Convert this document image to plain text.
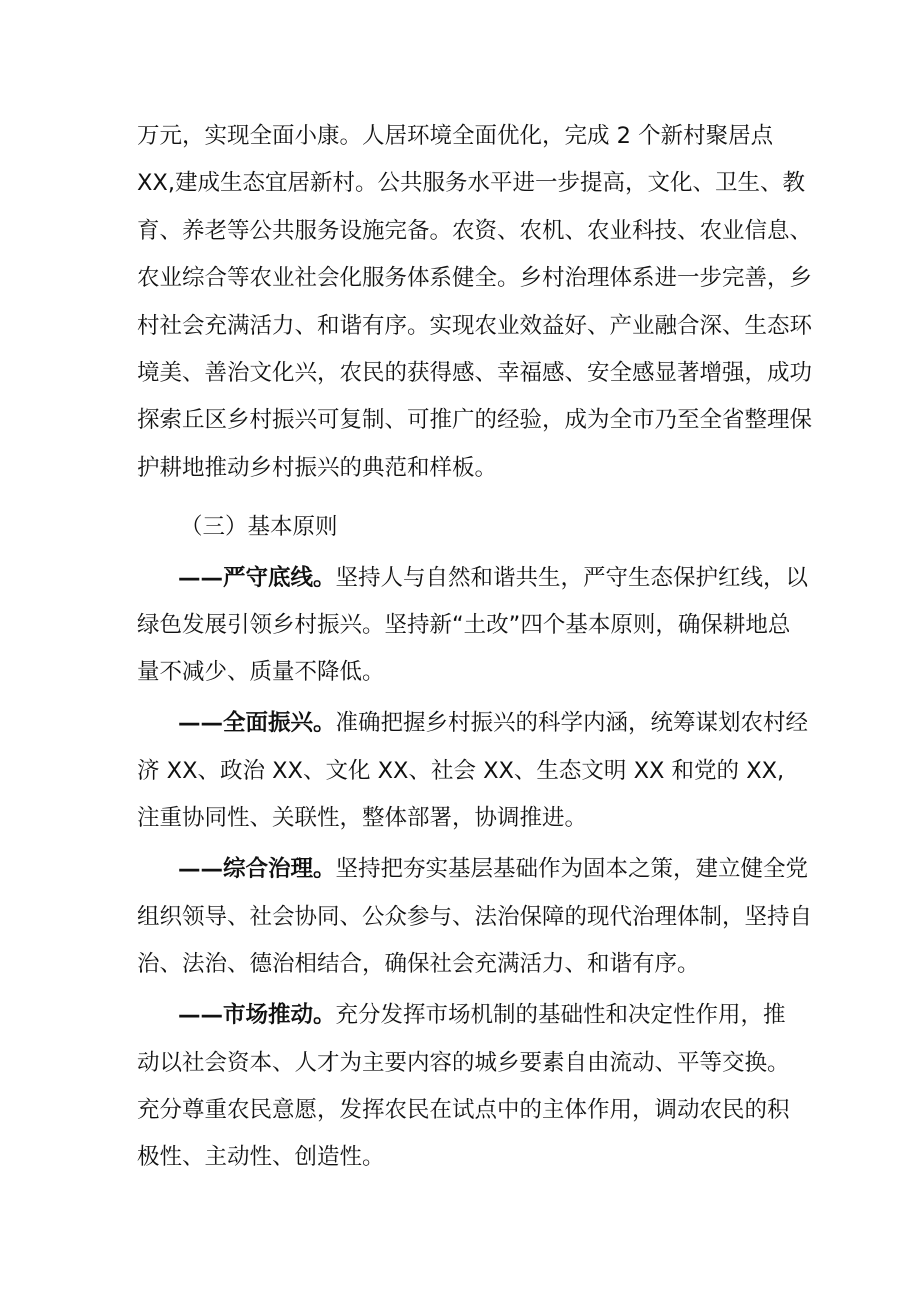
万元，实现全面小康。人居环境全面优化，完成 2 个新村聚居点
XX,建成生态宜居新村。公共服务水平进一步提高，文化、卫生、教
育、养老等公共服务设施完备。农资、农机、农业科技、农业信息、
农业综合等农业社会化服务体系健全。乡村治理体系进一步完善，乡
村社会充满活力、和谐有序。实现农业效益好、产业融合深、生态环
境美、善治文化兴，农民的获得感、幸福感、安全感显著增强，成功
探索丘区乡村振兴可复制、可推广的经验，成为全市乃至全省整理保
护耕地推动乡村振兴的典范和样板。
（三）基本原则
——严守底线。坚持人与自然和谐共生，严守生态保护红线，以
绿色发展引领乡村振兴。坚持新“土改”四个基本原则，确保耕地总
量不减少、质量不降低。
——全面振兴。准确把握乡村振兴的科学内涵，统筹谋划农村经
济 XX、政治 XX、文化 XX、社会 XX、生态文明 XX 和党的 XX,
注重协同性、关联性，整体部署，协调推进。
——综合治理。坚持把夯实基层基础作为固本之策，建立健全党
组织领导、社会协同、公众参与、法治保障的现代治理体制，坚持自
治、法治、德治相结合，确保社会充满活力、和谐有序。
——市场推动。充分发挥市场机制的基础性和决定性作用，推
动以社会资本、人才为主要内容的城乡要素自由流动、平等交换。
充分尊重农民意愿，发挥农民在试点中的主体作用，调动农民的积
极性、主动性、创造性。
